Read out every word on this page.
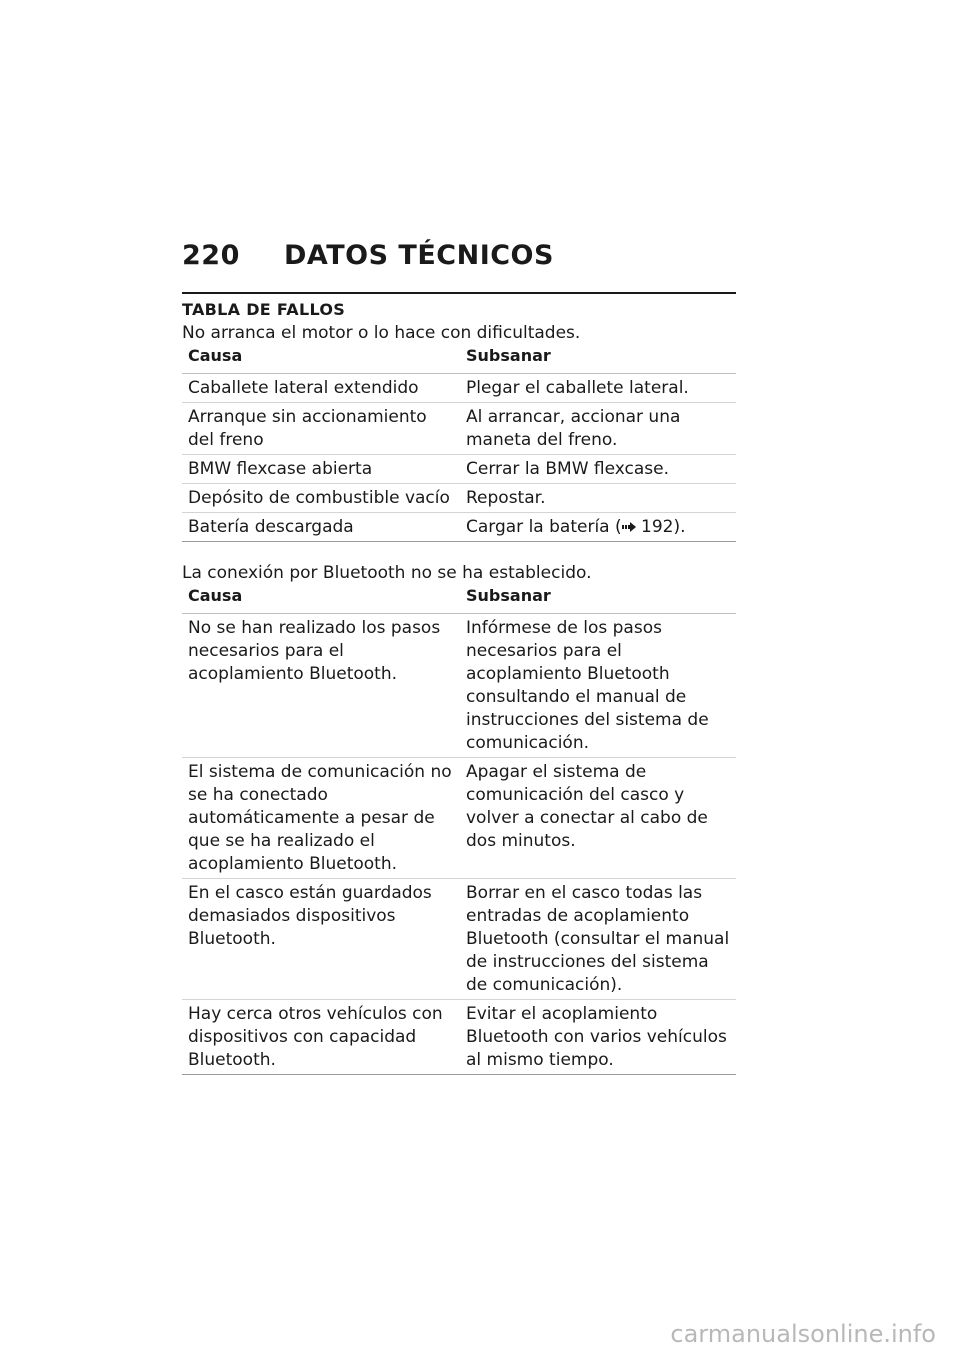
220	DATOS TÉCNICOS
TABLA DE FALLOS
No arranca el motor o lo hace con dificultades.
Causa	Subsanar
Caballete lateral extendido	Plegar el caballete lateral.
Arranque sin accionamiento del freno	Al arrancar, accionar una maneta del freno.
BMW flexcase abierta	Cerrar la BMW flexcase.
Depósito de combustible vacío	Repostar.
Batería descargada	Cargar la batería ( 192).
La conexión por Bluetooth no se ha establecido.
Causa	Subsanar
No se han realizado los pasos necesarios para el acoplamiento Bluetooth.	Infórmese de los pasos necesarios para el acoplamiento Bluetooth consultando el manual de instrucciones del sistema de comunicación.
El sistema de comunicación no se ha conectado automáticamente a pesar de que se ha realizado el acoplamiento Bluetooth.	Apagar el sistema de comunicación del casco y volver a conectar al cabo de dos minutos.
En el casco están guardados demasiados dispositivos Bluetooth.	Borrar en el casco todas las entradas de acoplamiento Bluetooth (consultar el manual de instrucciones del sistema de comunicación).
Hay cerca otros vehículos con dispositivos con capacidad Bluetooth.	Evitar el acoplamiento Bluetooth con varios vehículos al mismo tiempo.
carmanualsonline.info
